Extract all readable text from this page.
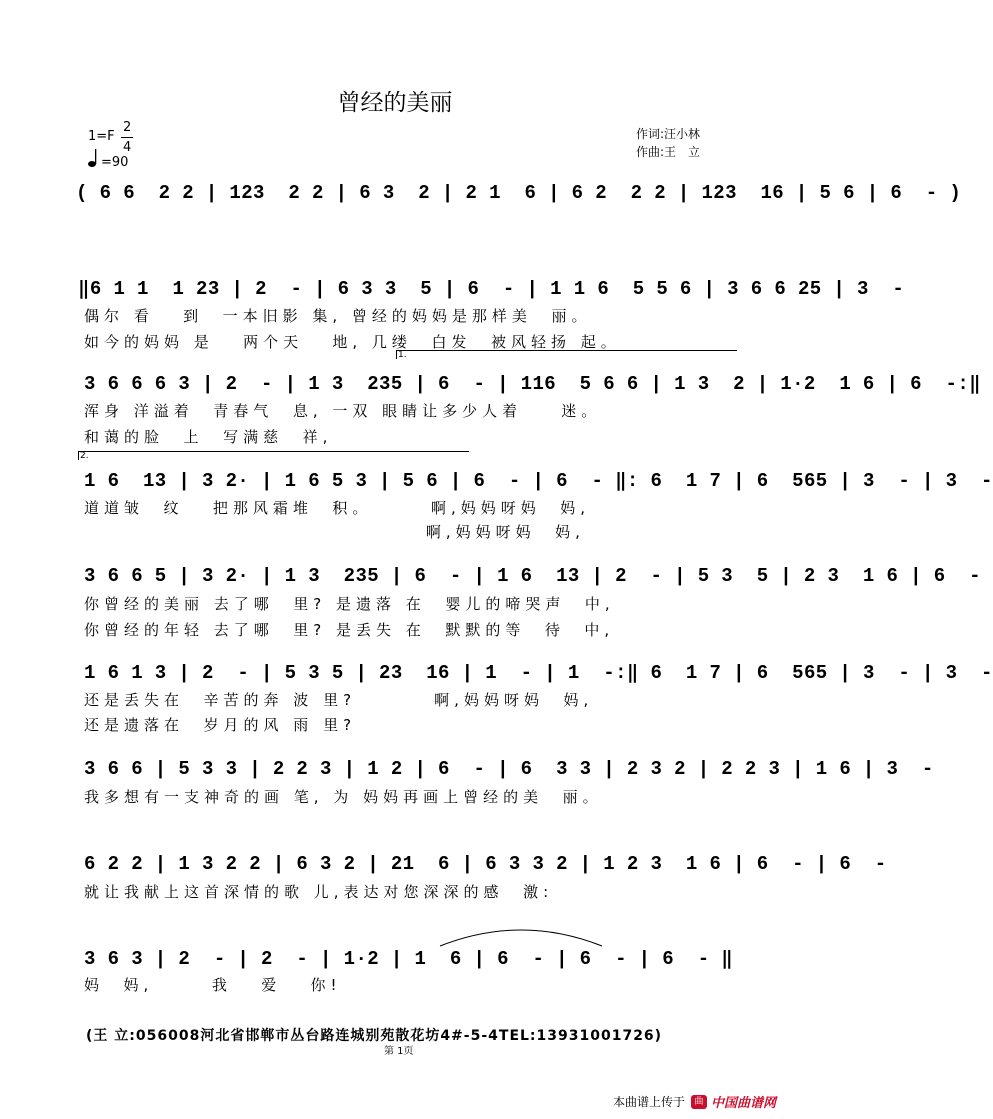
曾经的美丽
1=F
2
4
=90
作词:汪小林
作曲:王　立
( 6 6  2 2 | 123  2 2 | 6 3  2 | 2 1  6 | 6 2  2 2 | 123  16 | 5 6 | 6  - )
‖6 1 1  1 23 | 2  - | 6 3 3  5 | 6  - | 1 1 6  5 5 6 | 3 6 6 25 | 3  -
偶尔 看   到  一本旧影 集, 曾经的妈妈是那样美  丽。
如今的妈妈 是   两个天   地, 几缕  白发  被风轻扬 起。
1.
3 6 6 6 3 | 2  - | 1 3  235 | 6  - | 116  5 6 6 | 1 3  2 | 1·2  1 6 | 6  -:‖
浑身 洋溢着  青春气  息, 一双 眼睛让多少人着    迷。
和蔼的脸  上  写满慈  祥,
2.
1 6  13 | 3 2· | 1 6 5 3 | 5 6 | 6  - | 6  - ‖: 6  1 7 | 6  565 | 3  - | 3  -
道道皱  纹   把那风霜堆  积。      啊,妈妈呀妈  妈,
啊,妈妈呀妈  妈,
3 6 6 5 | 3 2· | 1 3  235 | 6  - | 1 6  13 | 2  - | 5 3  5 | 2 3  1 6 | 6  -
你曾经的美丽 去了哪  里? 是遗落 在  婴儿的啼哭声  中,
你曾经的年轻 去了哪  里? 是丢失 在  默默的等  待  中,
1 6 1 3 | 2  - | 5 3 5 | 23  16 | 1  - | 1  -:‖ 6  1 7 | 6  565 | 3  - | 3  -
还是丢失在  辛苦的奔 波 里?        啊,妈妈呀妈  妈,
还是遗落在  岁月的风 雨 里?
3 6 6 | 5 3 3 | 2 2 3 | 1 2 | 6  - | 6  3 3 | 2 3 2 | 2 2 3 | 1 6 | 3  -
我多想有一支神奇的画 笔, 为 妈妈再画上曾经的美  丽。
6 2 2 | 1 3 2 2 | 6 3 2 | 21  6 | 6 3 3 2 | 1 2 3  1 6 | 6  - | 6  -
就让我献上这首深情的歌 儿,表达对您深深的感  激:
3 6 3 | 2  - | 2  - | 1·2 | 1  6 | 6  - | 6  - | 6  - ‖
妈  妈,      我   爱   你!
(王 立:056008河北省邯郸市丛台路连城别苑散花坊4#-5-4TEL:13931001726)
第 1页
本曲谱上传于	曲 中国曲谱网
